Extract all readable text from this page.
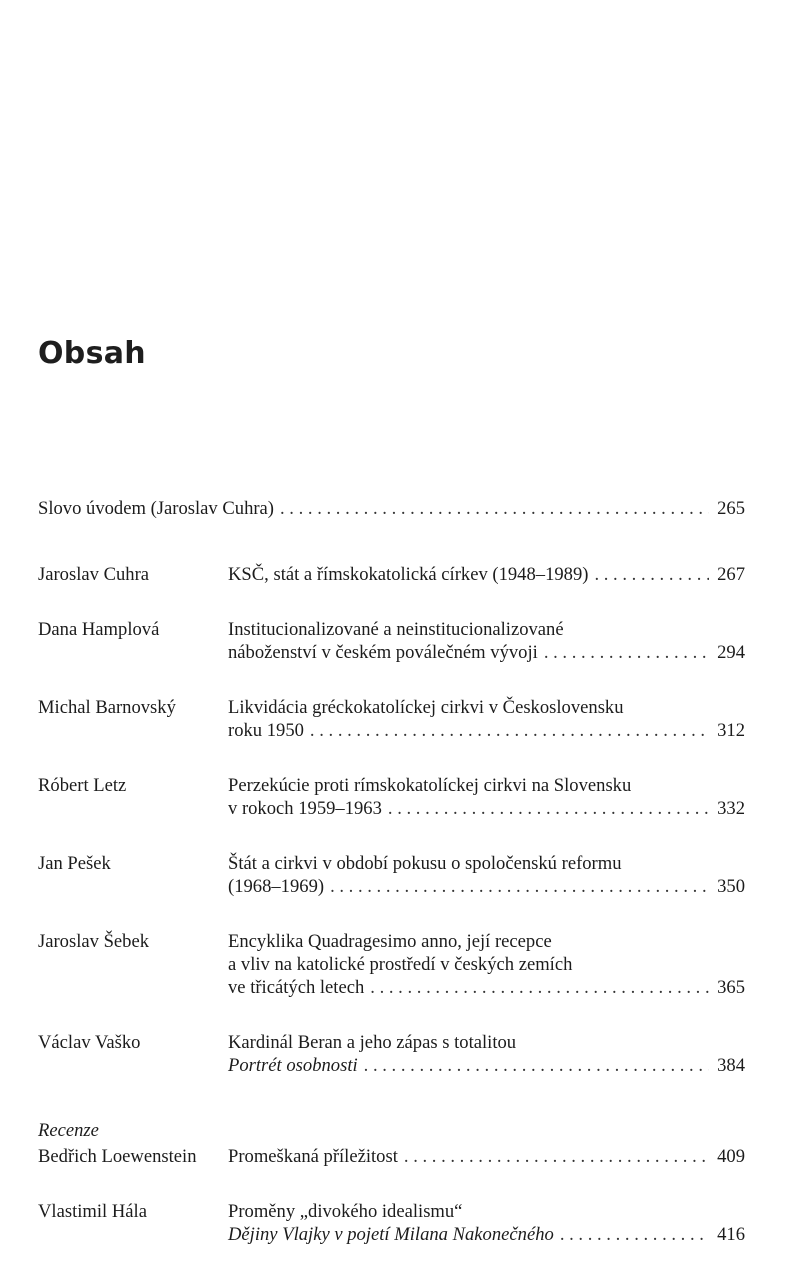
Obsah
Slovo úvodem (Jaroslav Cuhra) . . .	265
Jaroslav Cuhra	KSČ, stát a římskokatolická církev (1948–1989) . . .	267
Dana Hamplová	Institucionalizované a neinstitucionalizované
náboženství v českém poválečném vývoji . . .	294
Michal Barnovský	Likvidácia gréckokatolíckej cirkvi v Československu
roku 1950 . . .	312
Róbert Letz	Perzekúcie proti rímskokatolíckej cirkvi na Slovensku
v rokoch 1959–1963 . . .	332
Jan Pešek	Štát a cirkvi v období pokusu o spoločenskú reformu
(1968–1969) . . .	350
Jaroslav Šebek	Encyklika Quadragesimo anno, její recepce
a vliv na katolické prostředí v českých zemích
ve třicátých letech . . .	365
Václav Vaško	Kardinál Beran a jeho zápas s totalitou
Portrét osobnosti . . .	384
Recenze
Bedřich Loewenstein Promeškaná příležitost . . .	409
Vlastimil Hála	Proměny „divokého idealismu“
Dějiny Vlajky v pojetí Milana Nakonečného . . .	416
